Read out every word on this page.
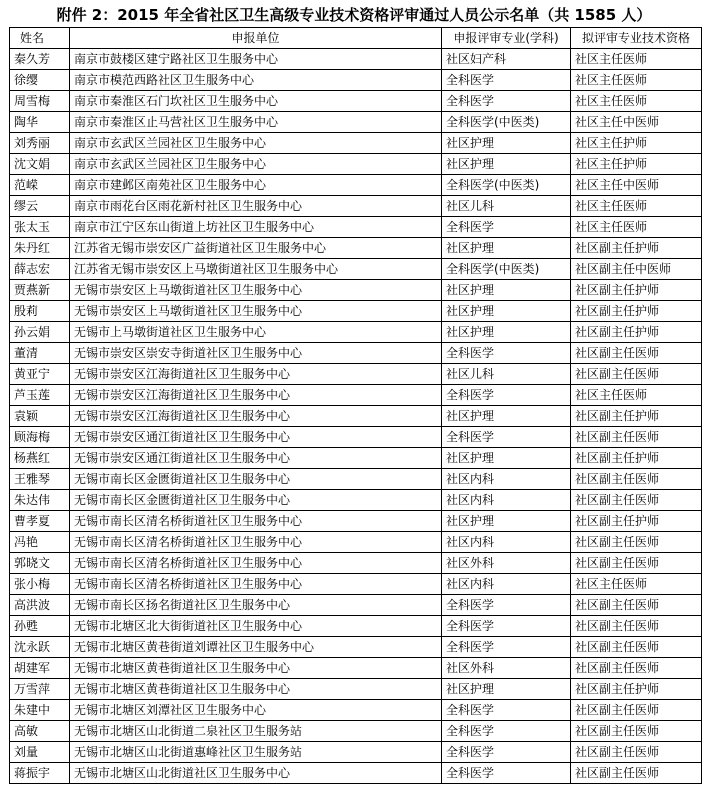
附件 2：2015 年全省社区卫生高级专业技术资格评审通过人员公示名单（共 1585 人）
姓名	申报单位	申报评审专业(学科)	拟评审专业技术资格
秦久芳	南京市鼓楼区建宁路社区卫生服务中心	社区妇产科	社区主任医师
徐缨	南京市模范西路社区卫生服务中心	全科医学	社区主任医师
周雪梅	南京市秦淮区石门坎社区卫生服务中心	全科医学	社区主任医师
陶华	南京市秦淮区止马营社区卫生服务中心	全科医学(中医类)	社区主任中医师
刘秀丽	南京市玄武区兰园社区卫生服务中心	社区护理	社区主任护师
沈文娟	南京市玄武区兰园社区卫生服务中心	社区护理	社区主任护师
范嵘	南京市建邺区南苑社区卫生服务中心	全科医学(中医类)	社区主任中医师
缪云	南京市雨花台区雨花新村社区卫生服务中心	社区儿科	社区主任医师
张太玉	南京市江宁区东山街道上坊社区卫生服务中心	全科医学	社区主任医师
朱丹红	江苏省无锡市崇安区广益街道社区卫生服务中心	社区护理	社区副主任护师
薛志宏	江苏省无锡市崇安区上马墩街道社区卫生服务中心	全科医学(中医类)	社区副主任中医师
贾燕新	无锡市崇安区上马墩街道社区卫生服务中心	社区护理	社区副主任护师
殷莉	无锡市崇安区上马墩街道社区卫生服务中心	社区护理	社区副主任护师
孙云娟	无锡市上马墩街道社区卫生服务中心	社区护理	社区副主任护师
董清	无锡市崇安区崇安寺街道社区卫生服务中心	全科医学	社区副主任医师
黄亚宁	无锡市崇安区江海街道社区卫生服务中心	社区儿科	社区副主任医师
芦玉莲	无锡市崇安区江海街道社区卫生服务中心	全科医学	社区主任医师
袁颖	无锡市崇安区江海街道社区卫生服务中心	社区护理	社区副主任护师
顾海梅	无锡市崇安区通江街道社区卫生服务中心	全科医学	社区副主任医师
杨燕红	无锡市崇安区通江街道社区卫生服务中心	社区护理	社区副主任护师
王雅琴	无锡市南长区金匮街道社区卫生服务中心	社区内科	社区副主任医师
朱达伟	无锡市南长区金匮街道社区卫生服务中心	社区内科	社区副主任医师
曹孝夏	无锡市南长区清名桥街道社区卫生服务中心	社区护理	社区副主任护师
冯艳	无锡市南长区清名桥街道社区卫生服务中心	社区内科	社区副主任医师
郭晓文	无锡市南长区清名桥街道社区卫生服务中心	社区外科	社区副主任医师
张小梅	无锡市南长区清名桥街道社区卫生服务中心	社区内科	社区主任医师
高洪波	无锡市南长区扬名街道社区卫生服务中心	全科医学	社区副主任医师
孙甦	无锡市北塘区北大街街道社区卫生服务中心	全科医学	社区副主任医师
沈永跃	无锡市北塘区黄巷街道刘谭社区卫生服务中心	全科医学	社区副主任医师
胡建军	无锡市北塘区黄巷街道社区卫生服务中心	社区外科	社区副主任医师
万雪萍	无锡市北塘区黄巷街道社区卫生服务中心	社区护理	社区副主任护师
朱建中	无锡市北塘区刘潭社区卫生服务中心	全科医学	社区副主任医师
高敏	无锡市北塘区山北街道二泉社区卫生服务站	全科医学	社区副主任医师
刘量	无锡市北塘区山北街道惠峰社区卫生服务站	全科医学	社区副主任医师
蒋振宇	无锡市北塘区山北街道社区卫生服务中心	全科医学	社区副主任医师
